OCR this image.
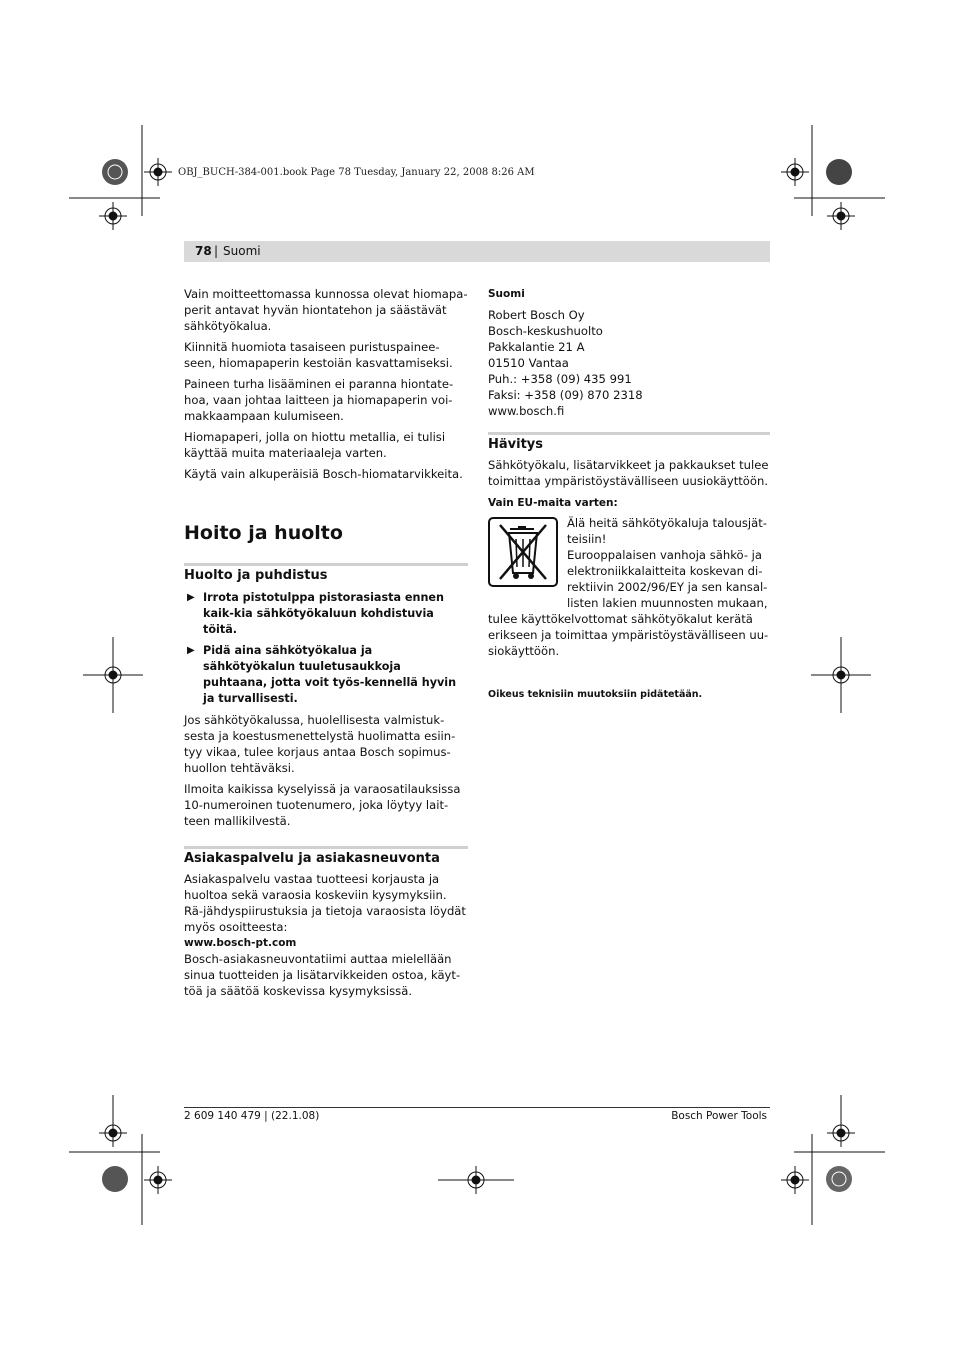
OBJ_BUCH-384-001.book Page 78 Tuesday, January 22, 2008 8:26 AM
78 | Suomi

Vain moitteettomassa kunnossa olevat hiomapa-perit antavat hyvän hiontatehon ja säästävät sähkötyökalua.

Kiinnitä huomiota tasaiseen puristuspainee-seen, hiomapaperin kestoiän kasvattamiseksi.

Paineen turha lisääminen ei paranna hiontate-hoa, vaan johtaa laitteen ja hiomapaperin voi-makkaampaan kulumiseen.

Hiomapaperi, jolla on hiottu metallia, ei tulisi käyttää muita materiaaleja varten.

Käytä vain alkuperäisiä Bosch-hiomatarvikkeita.

Hoito ja huolto
Huolto ja puhdistus
▶ Irrota pistotulppa pistorasiasta ennen kaik-kia sähkötyökaluun kohdistuvia töitä.
▶ Pidä aina sähkötyökalua ja sähkötyökalun tuuletusaukkoja puhtaana, jotta voit työs-kennellä hyvin ja turvallisesti.

Jos sähkötyökalussa, huolellisesta valmistuk-sesta ja koestusmenettelystä huolimatta esiin-tyy vikaa, tulee korjaus antaa Bosch sopimus-huollon tehtäväksi.

Ilmoita kaikissa kyselyissä ja varaosatilauksissa 10-numeroinen tuotenumero, joka löytyy lait-teen mallikilvestä.

Asiakaspalvelu ja asiakasneuvonta

Asiakaspalvelu vastaa tuotteesi korjausta ja huoltoa sekä varaosia koskeviin kysymyksiin. Rä-jähdyspiirustuksia ja tietoja varaosista löydät myös osoitteesta:

www.bosch-pt.com

Bosch-asiakasneuvontatiimi auttaa mielellään sinua tuotteiden ja lisätarvikkeiden ostoa, käyt-töä ja säätöä koskevissa kysymyksissä.

Suomi

Robert Bosch Oy

Bosch-keskushuolto

Pakkalantie 21 A

01510 Vantaa

Puh.: +358 (09) 435 991

Faksi: +358 (09) 870 2318

www.bosch.fi

Hävitys

Sähkötyökalu, lisätarvikkeet ja pakkaukset tulee toimittaa ympäristöystävälliseen uusiokäyttöön.

Vain EU-maita varten:

Älä heitä sähkötyökaluja talousjät-teisiin!

Eurooppalaisen vanhoja sähkö- ja elektroniikkalaitteita koskevan di-rektiivin 2002/96/EY ja sen kansal-listen lakien muunnosten mukaan,

tulee käyttökelvottomat sähkötyökalut kerätä erikseen ja toimittaa ympäristöystävälliseen uu-siokäyttöön.

Oikeus teknisiin muutoksiin pidätetään.

2 609 140 479 | (22.1.08)	Bosch Power Tools
